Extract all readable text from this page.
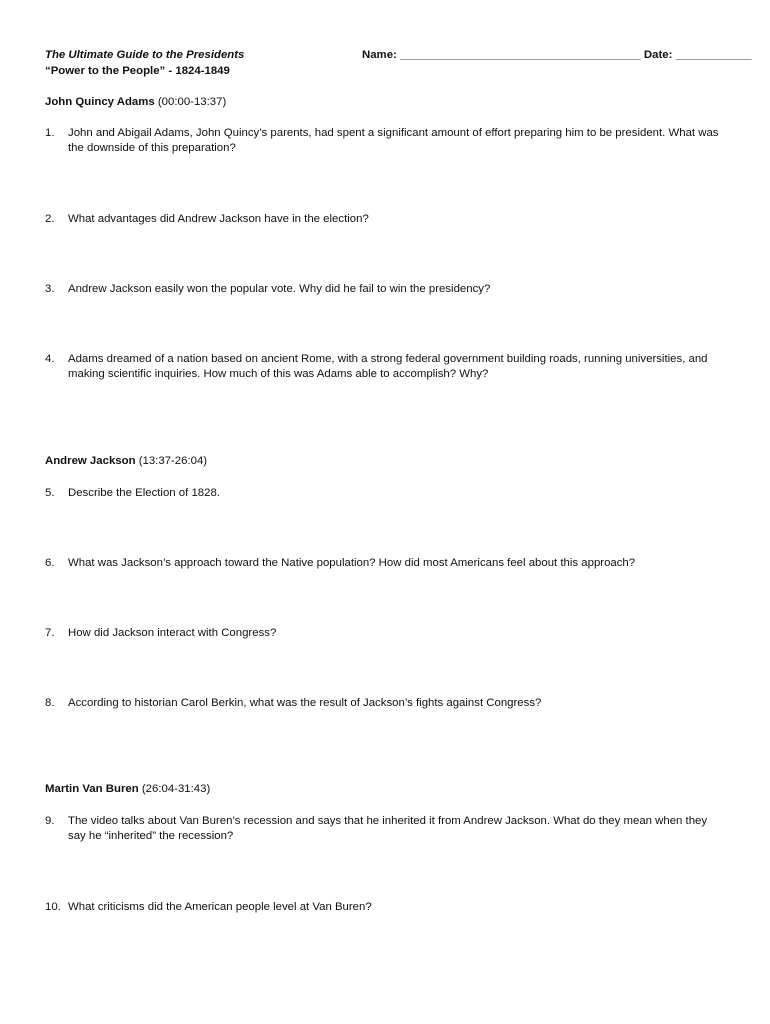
The Ultimate Guide to the Presidents
“Power to the People” - 1824-1849
Name: ______________________________________ Date: ____________
John Quincy Adams (00:00-13:37)
1.	John and Abigail Adams, John Quincy’s parents, had spent a significant amount of effort preparing him to be president. What was the downside of this preparation?
2.	What advantages did Andrew Jackson have in the election?
3.	Andrew Jackson easily won the popular vote. Why did he fail to win the presidency?
4.	Adams dreamed of a nation based on ancient Rome, with a strong federal government building roads, running universities, and making scientific inquiries. How much of this was Adams able to accomplish? Why?
Andrew Jackson (13:37-26:04)
5.	Describe the Election of 1828.
6.	What was Jackson’s approach toward the Native population? How did most Americans feel about this approach?
7.	How did Jackson interact with Congress?
8.	According to historian Carol Berkin, what was the result of Jackson’s fights against Congress?
Martin Van Buren (26:04-31:43)
9.	The video talks about Van Buren’s recession and says that he inherited it from Andrew Jackson. What do they mean when they say he “inherited” the recession?
10. What criticisms did the American people level at Van Buren?
